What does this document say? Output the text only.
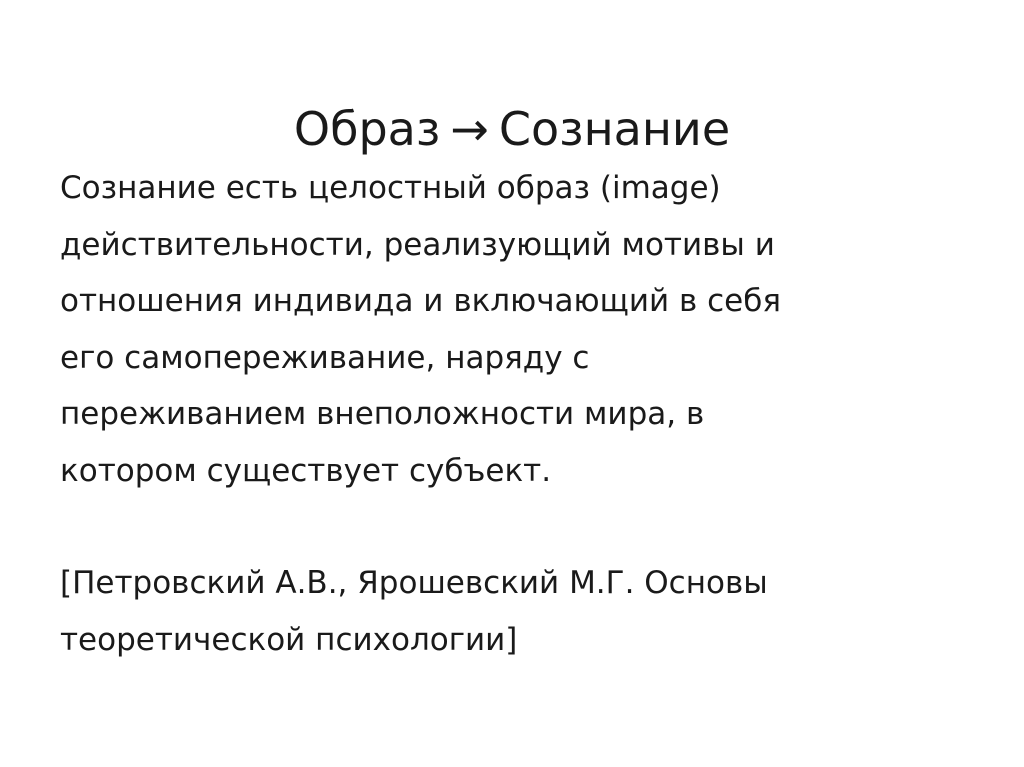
Образ → Сознание
Сознание есть целостный образ (image)
действительности, реализующий мотивы и
отношения индивида и включающий в себя
его самопереживание, наряду с
переживанием внеположности мира, в
котором существует субъект.
[Петровский А.В., Ярошевский М.Г. Основы
теоретической психологии]
